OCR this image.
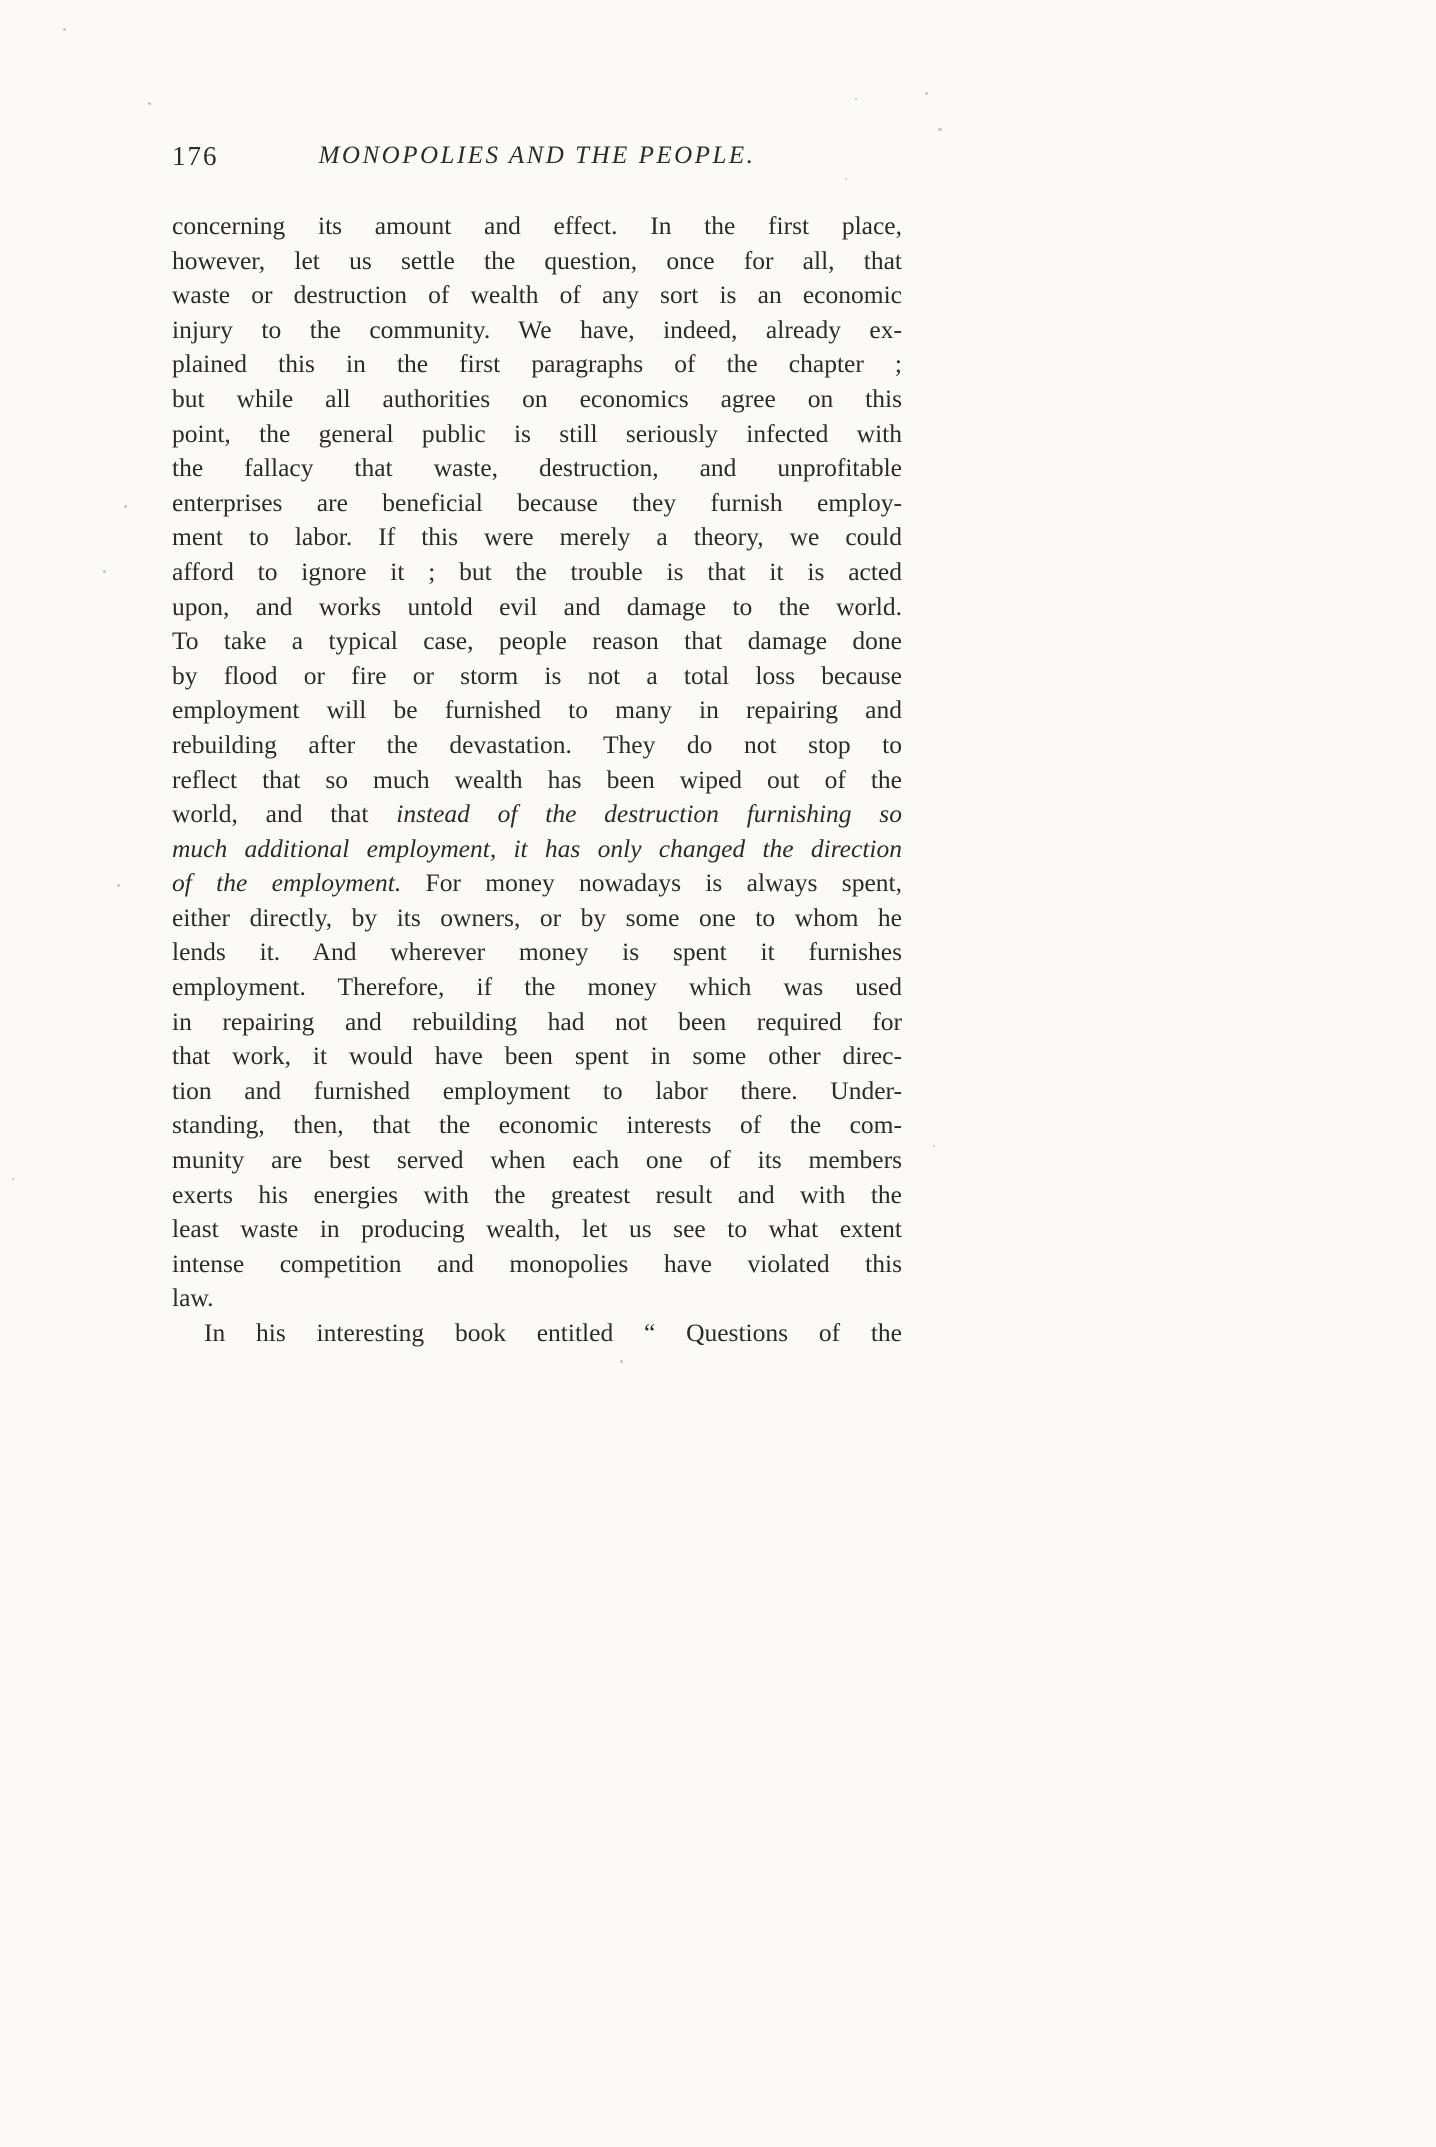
176	MONOPOLIES AND THE PEOPLE.
concerning its amount and effect. In the first place,
however, let us settle the question, once for all, that
waste or destruction of wealth of any sort is an economic
injury to the community. We have, indeed, already ex-
plained this in the first paragraphs of the chapter ;
but while all authorities on economics agree on this
point, the general public is still seriously infected with
the fallacy that waste, destruction, and unprofitable
enterprises are beneficial because they furnish employ-
ment to labor. If this were merely a theory, we could
afford to ignore it ; but the trouble is that it is acted
upon, and works untold evil and damage to the world.
To take a typical case, people reason that damage done
by flood or fire or storm is not a total loss because
employment will be furnished to many in repairing and
rebuilding after the devastation. They do not stop to
reflect that so much wealth has been wiped out of the
world, and that instead of the destruction furnishing so
much additional employment, it has only changed the direction
of the employment. For money nowadays is always spent,
either directly, by its owners, or by some one to whom he
lends it. And wherever money is spent it furnishes
employment. Therefore, if the money which was used
in repairing and rebuilding had not been required for
that work, it would have been spent in some other direc-
tion and furnished employment to labor there. Under-
standing, then, that the economic interests of the com-
munity are best served when each one of its members
exerts his energies with the greatest result and with the
least waste in producing wealth, let us see to what extent
intense competition and monopolies have violated this
law.
In his interesting book entitled “ Questions of the
